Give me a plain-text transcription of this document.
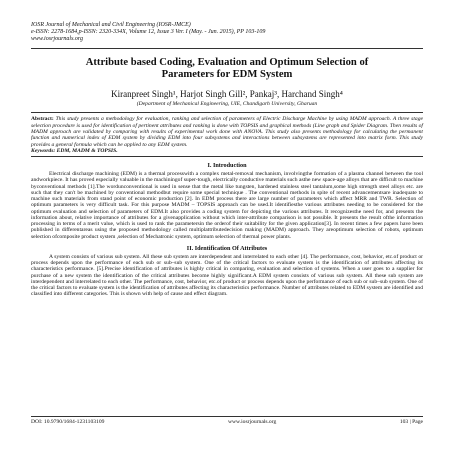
IOSR Journal of Mechanical and Civil Engineering (IOSR-JMCE)
e-ISSN: 2278-1684,p-ISSN: 2320-334X, Volume 12, Issue 3 Ver. I (May. - Jun. 2015), PP 103-109
www.iosrjournals.org
Attribute based Coding, Evaluation and Optimum Selection of
Parameters for EDM System
Kiranpreet Singh¹, Harjot Singh Gill², Pankaj³, Harchand Singh⁴
(Department of Mechanical Engineering, UIE, Chandigarh University, Gharuan
Abstract: This study presents a methodology for evaluation, ranking and selection of parameters of Electric Discharge Machine by using MADM approach. A three stage selection procedure is used for identification of pertinent attributes and ranking is done with TOPSIS and graphical methods (Line graph and Spider Diagram. Then results of MADM approach are validated by comparing with results of experimental work done with ANOVA. This study also presents methodology for calculating the permanent function and numerical index of EDM system by dividing EDM into four subsystems and interactions between subsystems are represented into matrix form. This study provides a general formula which can be applied to any EDM system.
Keywords: EDM, MADM & TOPSIS.
I. Introduction

Electrical discharge machining (EDM) is a thermal processwith a complex metal-removal mechanism, involvingthe formation of a plasma channel between the tool andworkpiece. It has proved especially valuable in the machiningof super-tough, electrically conductive materials such asthe new space-age alloys that are difficult to machine byconventional methods [1].The wordunconventional is used in sense that the metal like tungsten, hardened stainless steel tantalum,some high strength steel alloys etc. are such that they can't be machined by conventional methodbut require some special technique . The conventional methods in spite of recent advancementsare inadequate to machine such materials from stand point of economic production [2]. In EDM process there are large number of parameters which affect MRR and TWR. Selection of optimum parameters is very difficult task. For this purpose MADM – TOPSIS approach can be used.It identifiesthe various attributes needing to be considered for the optimum evaluation and selection of parameters of EDM.It also provides a coding system for depicting the various attributes. It recognizesthe need for, and presents the information about, relative importance of attributes for a givenapplication without which inter-attribute comparison is not possible. It presents the result ofthe information processing in terms of a merit value, which is used to rank the parametersin the orderof their suitability for the given application[3]. In recent times a few papers have been published in differentareas using the proposed methodology called multiplattributedecision making (MADM) approach. They areoptimum selection of robots, optimum selection ofcomposite product system ,selection of Mechatronic system, optimum selection of thermal power plants.

II. Identification Of Attributes

A system consists of various sub system. All these sub system are interdependent and interrelated to each other [4]. The performance, cost, behavior, etc.of product or process depends upon the performance of each sub or sub–sub system. One of the critical factors to evaluate system is the identification of attributes affecting its characteristics performance. [5].Precise identification of attributes is highly critical in comparing, evaluation and selection of systems. When a user goes to a supplier for purchase of a new system the identification of the critical attributes become highly significant.A EDM system consists of various sub system. All these sub system are interdependent and interrelated to each other. The performance, cost, behavior, etc.of product or process depends upon the performance of each sub or sub–sub system. One of the critical factors to evaluate system is the identification of attributes affecting its characteristics performance. Number of attributes related to EDM system are identified and classified into different categories. This is shown with help of cause and effect diagram.

DOI: 10.9790/1684-1231103109	www.iosrjournals.org	103 | Page
